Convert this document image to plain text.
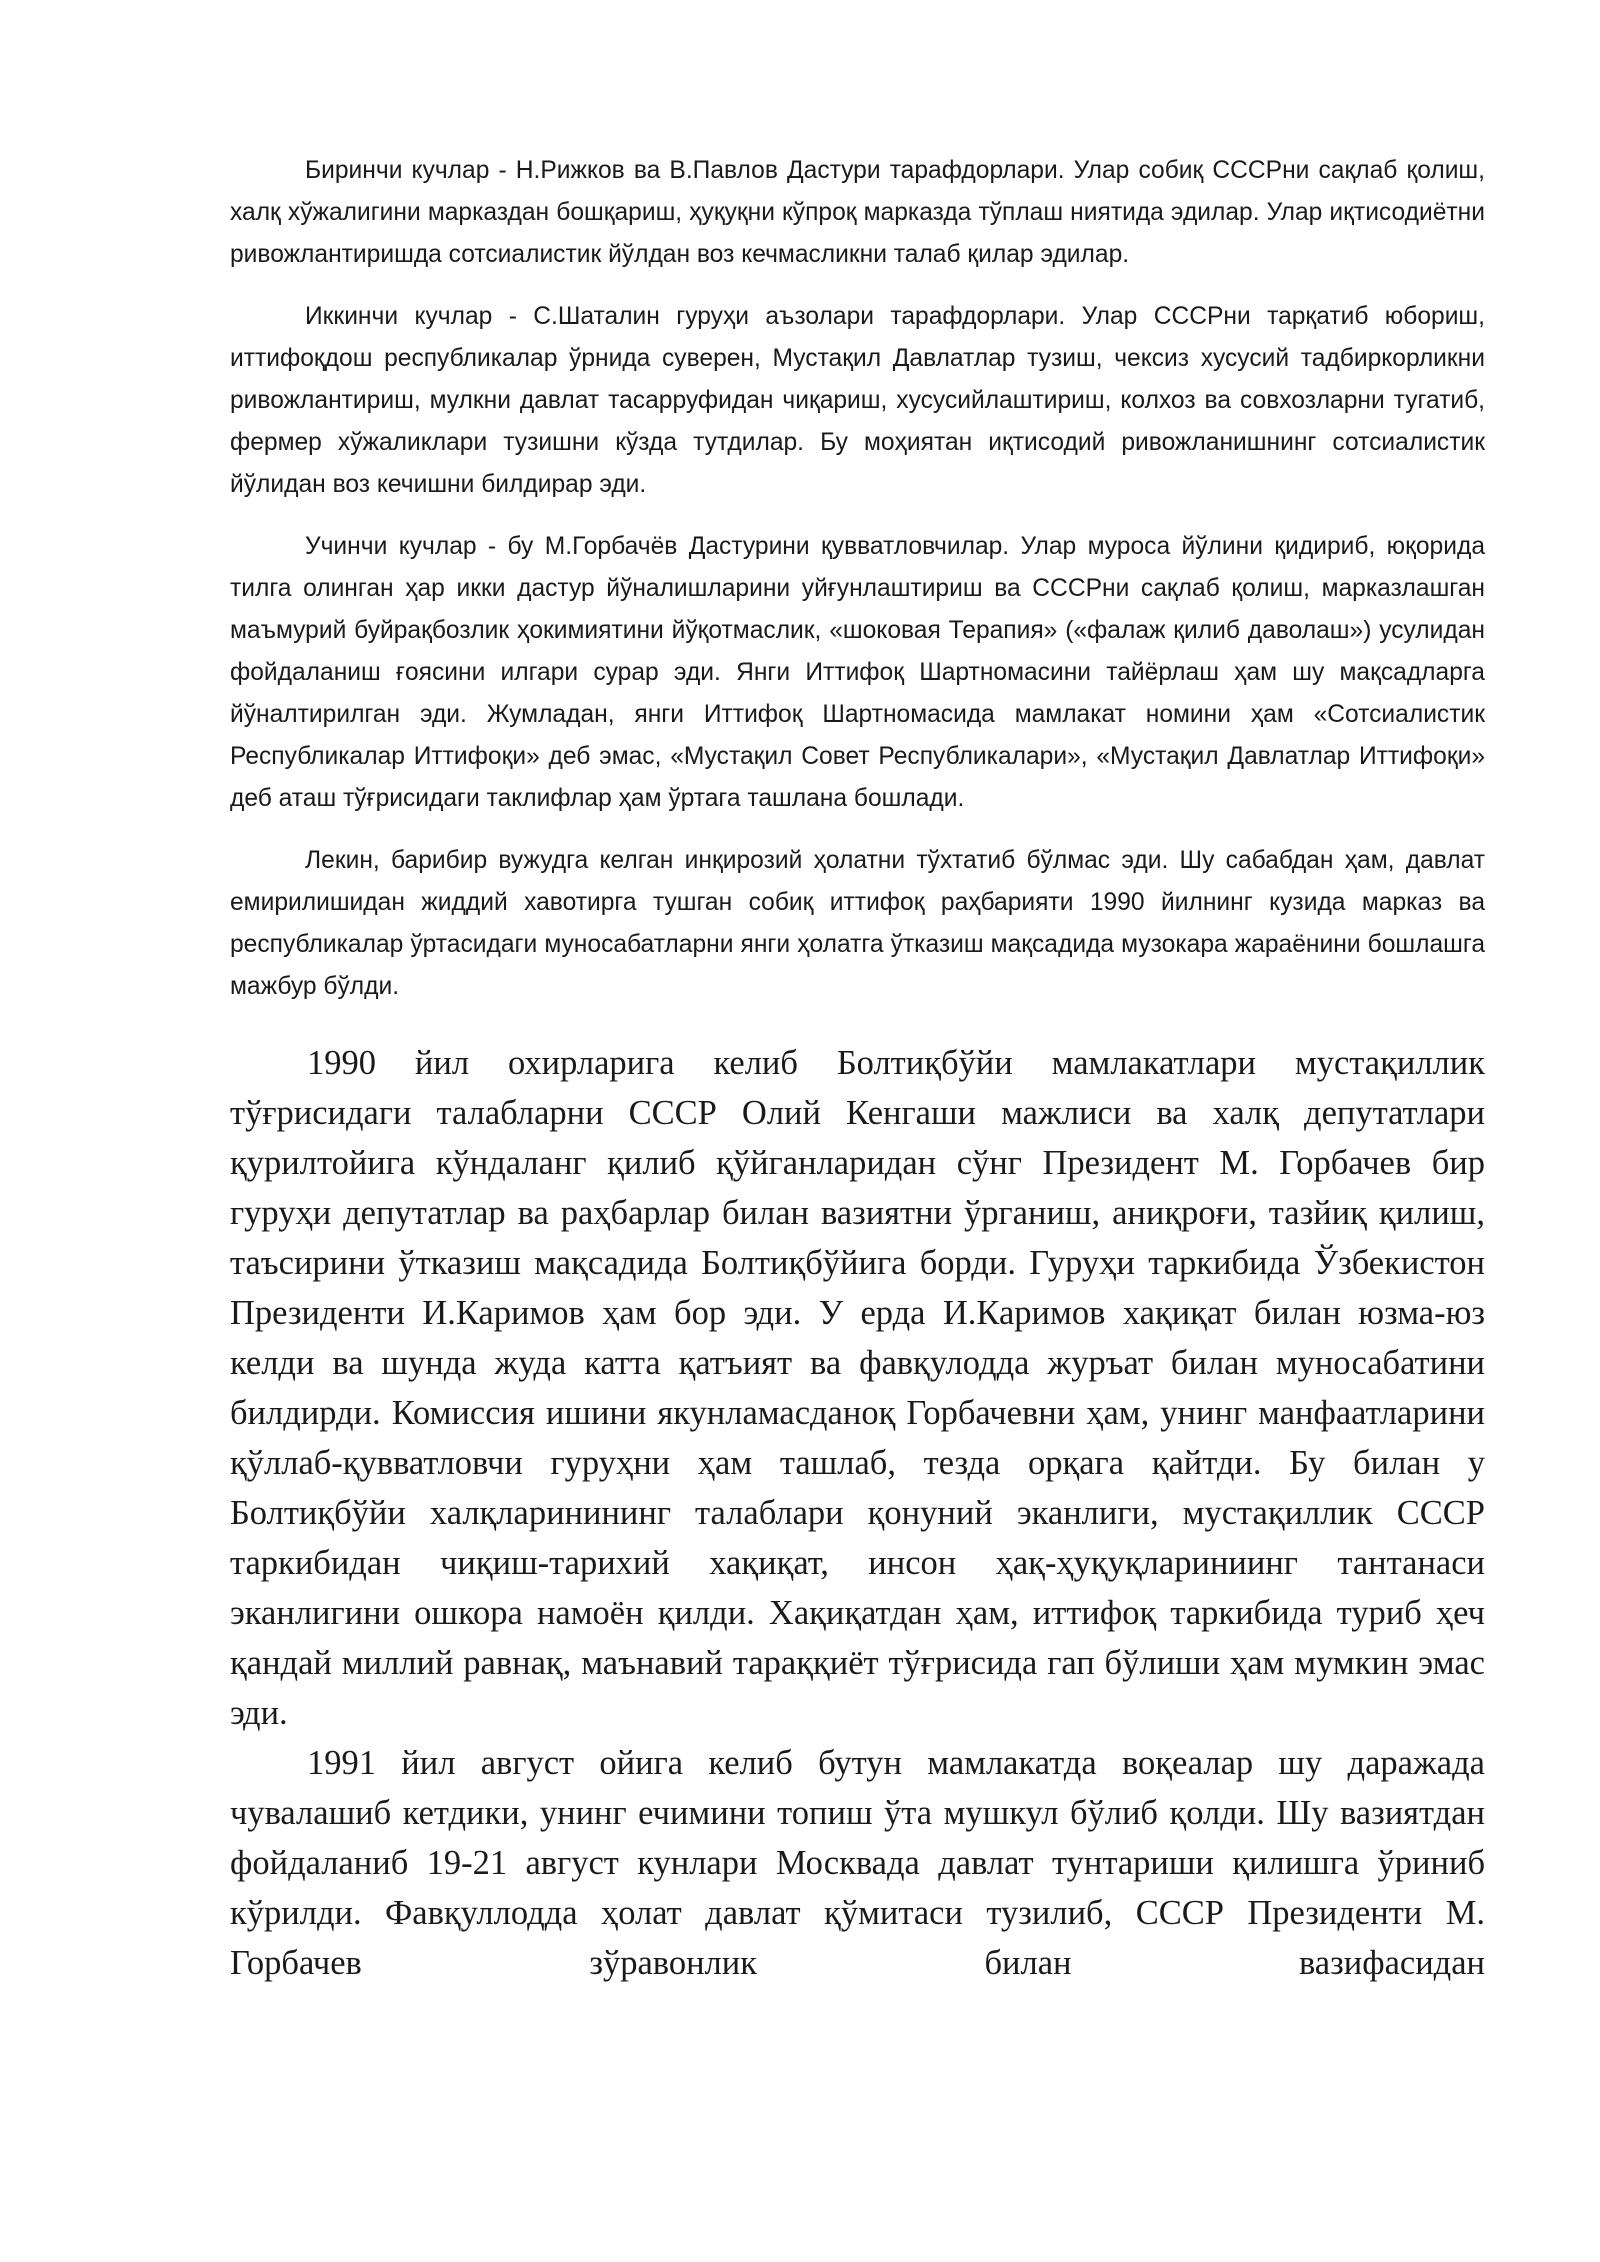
Биринчи кучлар - Н.Рижков ва В.Павлов Дастури тарафдорлари. Улар собиқ СССРни сақлаб қолиш, халқ хўжалигини марказдан бошқариш, ҳуқуқни кўпроқ марказда тўплаш ниятида эдилар. Улар иқтисодиётни ривожлантиришда сотсиалистик йўлдан воз кечмасликни талаб қилар эдилар.

Иккинчи кучлар - С.Шаталин гуруҳи аъзолари тарафдорлари. Улар СССРни тарқатиб юбориш, иттифоқдош республикалар ўрнида суверен, Мустақил Давлатлар тузиш, чексиз хусусий тадбиркорликни ривожлантириш, мулкни давлат тасарруфидан чиқариш, хусусийлаштириш, колхоз ва совхозларни тугатиб, фермер хўжаликлари тузишни кўзда тутдилар. Бу моҳиятан иқтисодий ривожланишнинг сотсиалистик йўлидан воз кечишни билдирар эди.

Учинчи кучлар - бу М.Горбачёв Дастурини қувватловчилар. Улар муроса йўлини қидириб, юқорида тилга олинган ҳар икки дастур йўналишларини уйғунлаштириш ва СССРни сақлаб қолиш, марказлашган маъмурий буйрақбозлик ҳокимиятини йўқотмаслик, «шоковая Терапия» («фалаж қилиб даволаш») усулидан фойдаланиш ғоясини илгари сурар эди. Янги Иттифоқ Шартномасини тайёрлаш ҳам шу мақсадларга йўналтирилган эди. Жумладан, янги Иттифоқ Шартномасида мамлакат номини ҳам «Сотсиалистик Республикалар Иттифоқи» деб эмас, «Мустақил Совет Республикалари», «Мустақил Давлатлар Иттифоқи» деб аташ тўғрисидаги таклифлар ҳам ўртага ташлана бошлади.

Лекин, барибир вужудга келган инқирозий ҳолатни тўхтатиб бўлмас эди. Шу сабабдан ҳам, давлат емирилишидан жиддий хавотирга тушган собиқ иттифоқ раҳбарияти 1990 йилнинг кузида марказ ва республикалар ўртасидаги муносабатларни янги ҳолатга ўтказиш мақсадида музокара жараёнини бошлашга мажбур бўлди.

1990 йил охирларига келиб Болтиқбўйи мамлакатлари мустақиллик тўғрисидаги талабларни СССР Олий Кенгаши мажлиси ва халқ депутатлари қурилтойига кўндаланг қилиб қўйганларидан сўнг Президент М. Горбачев бир гуруҳи депутатлар ва раҳбарлар билан вазиятни ўрганиш, аниқроғи, тазйиқ қилиш, таъсирини ўтказиш мақсадида Болтиқбўйига борди. Гуруҳи таркибида Ўзбекистон Президенти И.Каримов ҳам бор эди. У ерда И.Каримов хақиқат билан юзма-юз келди ва шунда жуда катта қатъият ва фавқулодда журъат билан муносабатини билдирди. Комиссия ишини якунламасданоқ Горбачевни ҳам, унинг манфаатларини қўллаб-қувватловчи гуруҳни ҳам ташлаб, тезда орқага қайтди. Бу билан у Болтиқбўйи халқларинининг талаблари қонуний эканлиги, мустақиллик СССР таркибидан чиқиш-тарихий хақиқат, инсон ҳақ-ҳуқуқлариниинг тантанаси эканлигини ошкора намоён қилди. Хақиқатдан ҳам, иттифоқ таркибида туриб ҳеч қандай миллий равнақ, маънавий тараққиёт тўғрисида гап бўлиши ҳам мумкин эмас эди.

1991 йил август ойига келиб бутун мамлакатда воқеалар шу даражада чувалашиб кетдики, унинг ечимини топиш ўта мушкул бўлиб қолди. Шу вазиятдан фойдаланиб 19-21 август кунлари Москвада давлат тунтариши қилишга ўриниб кўрилди. Фавқуллодда ҳолат давлат қўмитаси тузилиб, СССР Президенти М. Горбачев зўравонлик билан вазифасидан
